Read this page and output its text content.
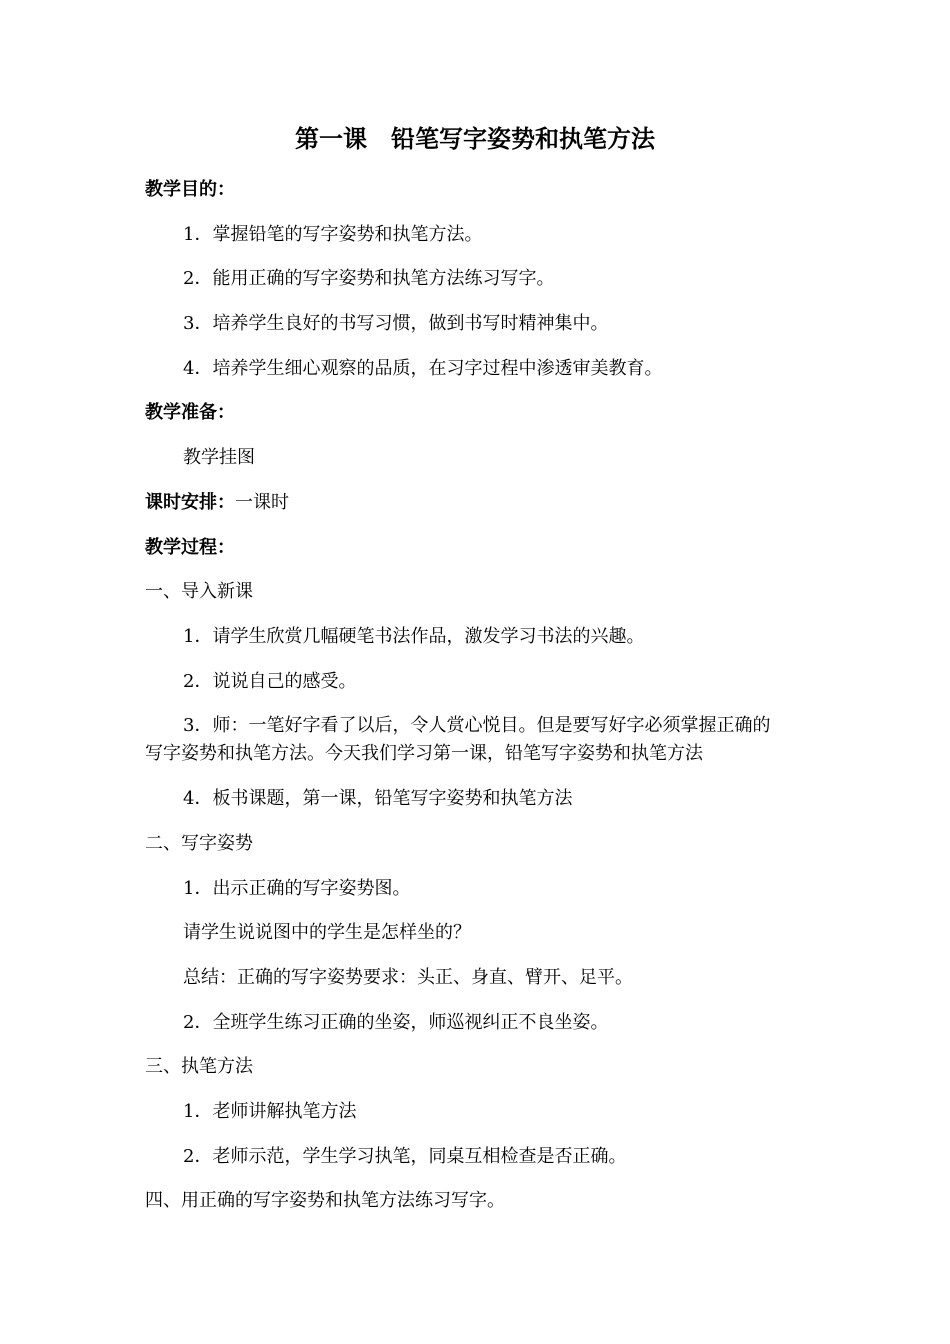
第一课　铅笔写字姿势和执笔方法
教学目的：
1．掌握铅笔的写字姿势和执笔方法。
2．能用正确的写字姿势和执笔方法练习写字。
3．培养学生良好的书写习惯，做到书写时精神集中。
4．培养学生细心观察的品质，在习字过程中渗透审美教育。
教学准备：
教学挂图
课时安排：一课时
教学过程：
一、导入新课
1．请学生欣赏几幅硬笔书法作品，激发学习书法的兴趣。
2．说说自己的感受。
3．师：一笔好字看了以后，令人赏心悦目。但是要写好字必须掌握正确的
写字姿势和执笔方法。今天我们学习第一课，铅笔写字姿势和执笔方法
4．板书课题，第一课，铅笔写字姿势和执笔方法
二、写字姿势
1．出示正确的写字姿势图。
请学生说说图中的学生是怎样坐的？
总结：正确的写字姿势要求：头正、身直、臂开、足平。
2．全班学生练习正确的坐姿，师巡视纠正不良坐姿。
三、执笔方法
1．老师讲解执笔方法
2．老师示范，学生学习执笔，同桌互相检查是否正确。
四、用正确的写字姿势和执笔方法练习写字。
